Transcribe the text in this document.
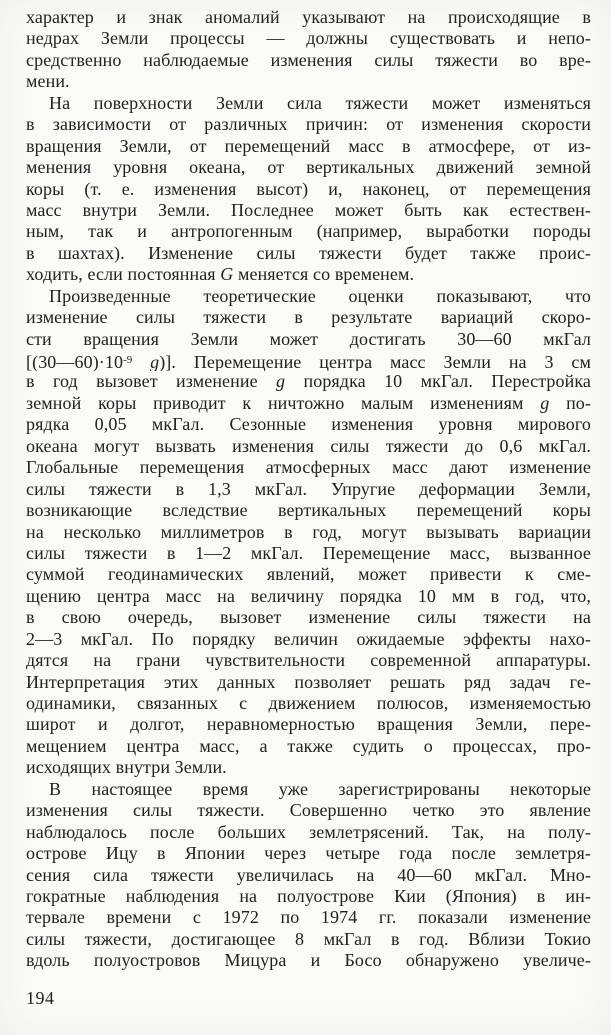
характер и знак аномалий указывают на происходящие в
недрах Земли процессы — должны существовать и непо-
средственно наблюдаемые изменения силы тяжести во вре-
мени.
На поверхности Земли сила тяжести может изменяться
в зависимости от различных причин: от изменения скорости
вращения Земли, от перемещений масс в атмосфере, от из-
менения уровня океана, от вертикальных движений земной
коры (т. е. изменения высот) и, наконец, от перемещения
масс внутри Земли. Последнее может быть как естествен-
ным, так и антропогенным (например, выработки породы
в шахтах). Изменение силы тяжести будет также проис-
ходить, если постоянная G меняется со временем.
Произведенные теоретические оценки показывают, что
изменение силы тяжести в результате вариаций скоро-
сти вращения Земли может достигать 30—60 мкГал
[$(30—60)\cdot 10^{-9}$ g)]. Перемещение центра масс Земли на 3 см
в год вызовет изменение g порядка 10 мкГал. Перестройка
земной коры приводит к ничтожно малым изменениям g по-
рядка 0,05 мкГал. Сезонные изменения уровня мирового
океана могут вызвать изменения силы тяжести до 0,6 мкГал.
Глобальные перемещения атмосферных масс дают изменение
силы тяжести в 1,3 мкГал. Упругие деформации Земли,
возникающие вследствие вертикальных перемещений коры
на несколько миллиметров в год, могут вызывать вариации
силы тяжести в 1—2 мкГал. Перемещение масс, вызванное
суммой геодинамических явлений, может привести к сме-
щению центра масс на величину порядка 10 мм в год, что,
в свою очередь, вызовет изменение силы тяжести на
2—3 мкГал. По порядку величин ожидаемые эффекты нахо-
дятся на грани чувствительности современной аппаратуры.
Интерпретация этих данных позволяет решать ряд задач ге-
одинамики, связанных с движением полюсов, изменяемостью
широт и долгот, неравномерностью вращения Земли, пере-
мещением центра масс, а также судить о процессах, про-
исходящих внутри Земли.
В настоящее время уже зарегистрированы некоторые
изменения силы тяжести. Совершенно четко это явление
наблюдалось после больших землетрясений. Так, на полу-
острове Ицу в Японии через четыре года после землетря-
сения сила тяжести увеличилась на 40—60 мкГал. Мно-
гократные наблюдения на полуострове Кии (Япония) в ин-
тервале времени с 1972 по 1974 гг. показали изменение
силы тяжести, достигающее 8 мкГал в год. Вблизи Токио
вдоль полуостровов Мицура и Босо обнаружено увеличе-
194
